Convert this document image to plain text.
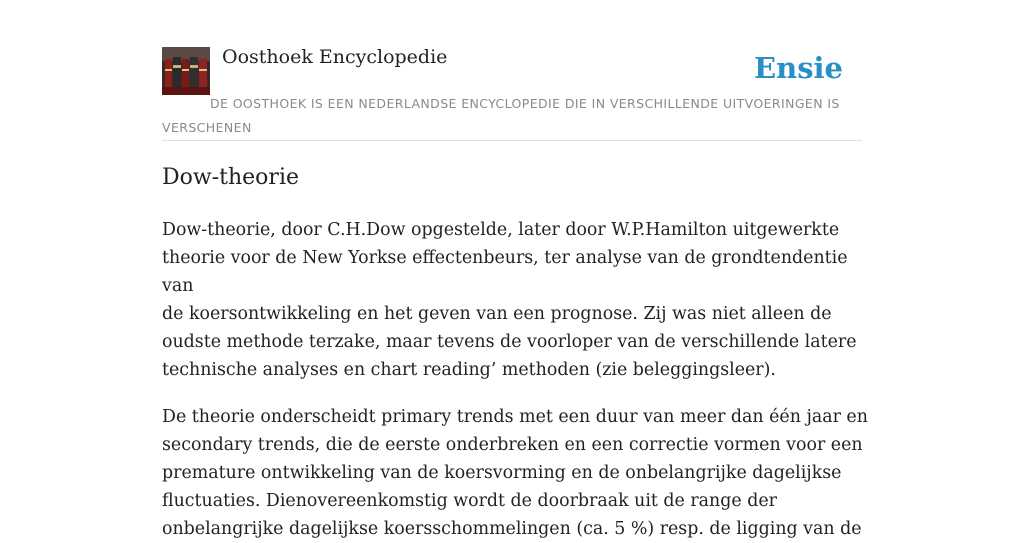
Oosthoek Encyclopedie	Ensie
DE OOSTHOEK IS EEN NEDERLANDSE ENCYCLOPEDIE DIE IN VERSCHILLENDE UITVOERINGEN IS VERSCHENEN
Dow-theorie

Dow-theorie, door C.H.Dow opgestelde, later door W.P.Hamilton uitgewerkte
theorie voor de New Yorkse effectenbeurs, ter analyse van de grondtendentie van
de koersontwikkeling en het geven van een prognose. Zij was niet alleen de
oudste methode terzake, maar tevens de voorloper van de verschillende latere
technische analyses en chart reading’ methoden (zie beleggingsleer).

De theorie onderscheidt primary trends met een duur van meer dan één jaar en
secondary trends, die de eerste onderbreken en een correctie vormen voor een
premature ontwikkeling van de koersvorming en de onbelangrijke dagelijkse
fluctuaties. Dienovereenkomstig wordt de doorbraak uit de range der
onbelangrijke dagelijkse koersschommelingen (ca. 5 %) resp. de ligging van de
